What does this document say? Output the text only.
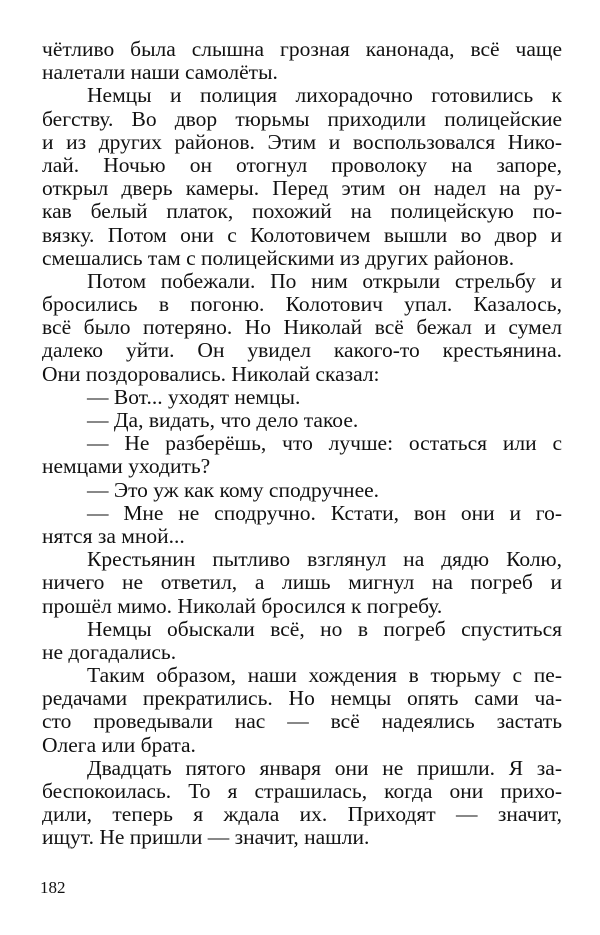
чётливо была слышна грозная канонада, всё чаще
налетали наши самолёты.
Немцы и полиция лихорадочно готовились к
бегству. Во двор тюрьмы приходили полицейские
и из других районов. Этим и воспользовался Нико-
лай. Ночью он отогнул проволоку на запоре,
открыл дверь камеры. Перед этим он надел на ру-
кав белый платок, похожий на полицейскую по-
вязку. Потом они с Колотовичем вышли во двор и
смешались там с полицейскими из других районов.
Потом побежали. По ним открыли стрельбу и
бросились в погоню. Колотович упал. Казалось,
всё было потеряно. Но Николай всё бежал и сумел
далеко уйти. Он увидел какого-то крестьянина.
Они поздоровались. Николай сказал:
— Вот... уходят немцы.
— Да, видать, что дело такое.
— Не разберёшь, что лучше: остаться или с
немцами уходить?
— Это уж как кому сподручнее.
— Мне не сподручно. Кстати, вон они и го-
нятся за мной...
Крестьянин пытливо взглянул на дядю Колю,
ничего не ответил, а лишь мигнул на погреб и
прошёл мимо. Николай бросился к погребу.
Немцы обыскали всё, но в погреб спуститься
не догадались.
Таким образом, наши хождения в тюрьму с пе-
редачами прекратились. Но немцы опять сами ча-
сто проведывали нас — всё надеялись застать
Олега или брата.
Двадцать пятого января они не пришли. Я за-
беспокоилась. То я страшилась, когда они прихо-
дили, теперь я ждала их. Приходят — значит,
ищут. Не пришли — значит, нашли.
182
